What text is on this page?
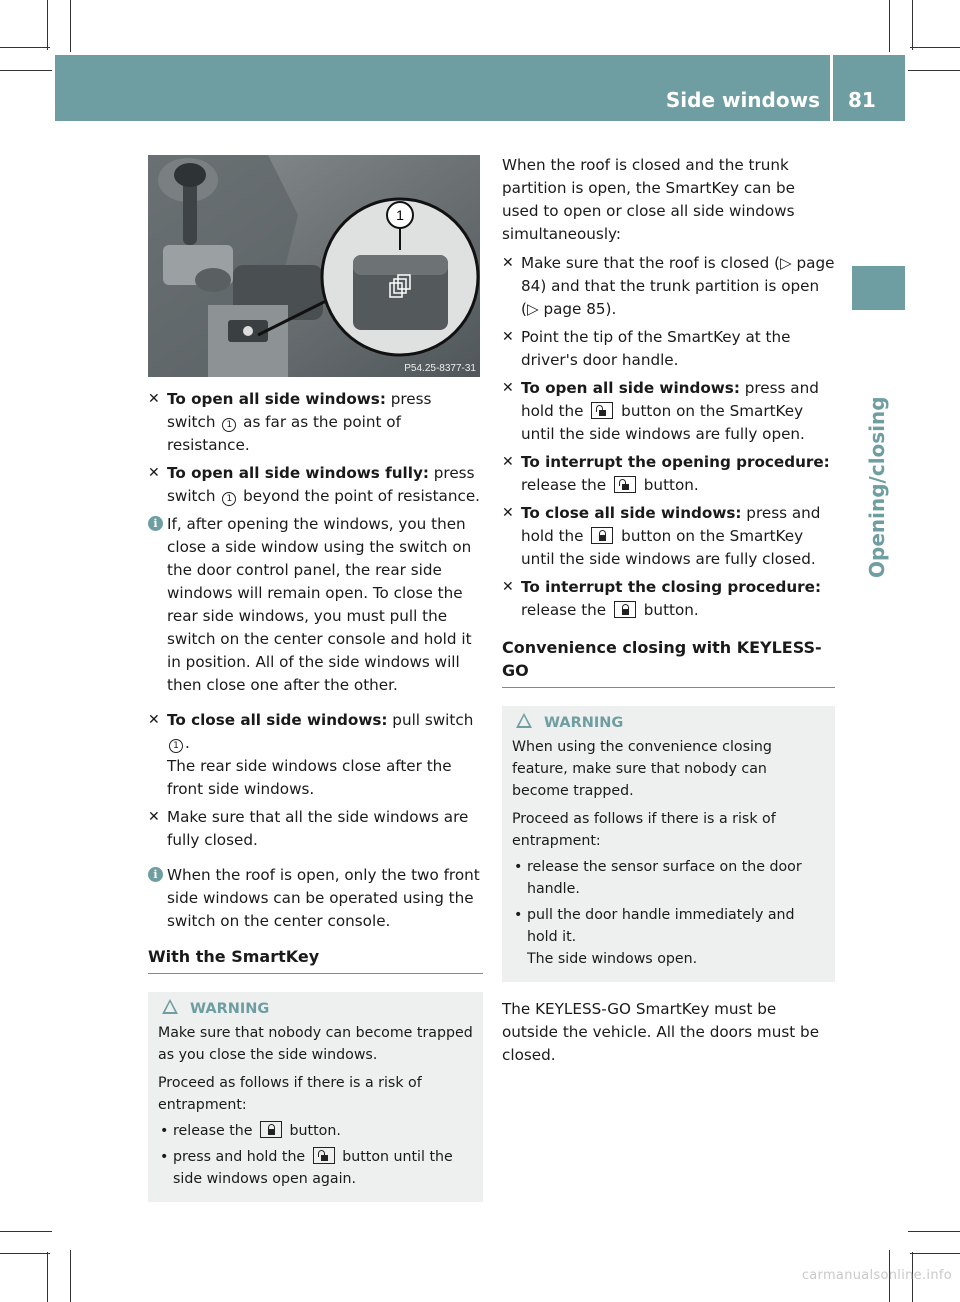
Side windows 81
Opening/closing
1
P54.25-8377-31
✕ To open all side windows: press switch 1 as far as the point of resistance.
✕ To open all side windows fully: press switch 1 beyond the point of resistance.
i If, after opening the windows, you then close a side window using the switch on the door control panel, the rear side windows will remain open. To close the rear side windows, you must pull the switch on the center console and hold it in position. All of the side windows will then close one after the other.
✕ To close all side windows: pull switch 1 .
The rear side windows close after the front side windows.
✕ Make sure that all the side windows are fully closed.
i When the roof is open, only the two front side windows can be operated using the switch on the center console.
With the SmartKey
WARNING

Make sure that nobody can become trapped as you close the side windows.

Proceed as follows if there is a risk of entrapment:

• release the
button.
• press and hold the
button until the side windows open again.

When the roof is closed and the trunk partition is open, the SmartKey can be used to open or close all side windows simultaneously:

✕ Make sure that the roof is closed (▷ page 84) and that the trunk partition is open (▷ page 85).
✕ Point the tip of the SmartKey at the driver's door handle.
✕ To open all side windows: press and hold the
button on the SmartKey until the side windows are fully open.
✕ To interrupt the opening procedure:
release the
button.
✕ To close all side windows: press and hold the
button on the SmartKey until the side windows are fully closed.
✕ To interrupt the closing procedure:
release the
button.
Convenience closing with KEYLESS-GO
WARNING

When using the convenience closing feature, make sure that nobody can become trapped.

Proceed as follows if there is a risk of entrapment:

• release the sensor surface on the door handle.
• pull the door handle immediately and hold it.
The side windows open.

The KEYLESS-GO SmartKey must be outside the vehicle. All the doors must be closed.

carmanualsonline.info
